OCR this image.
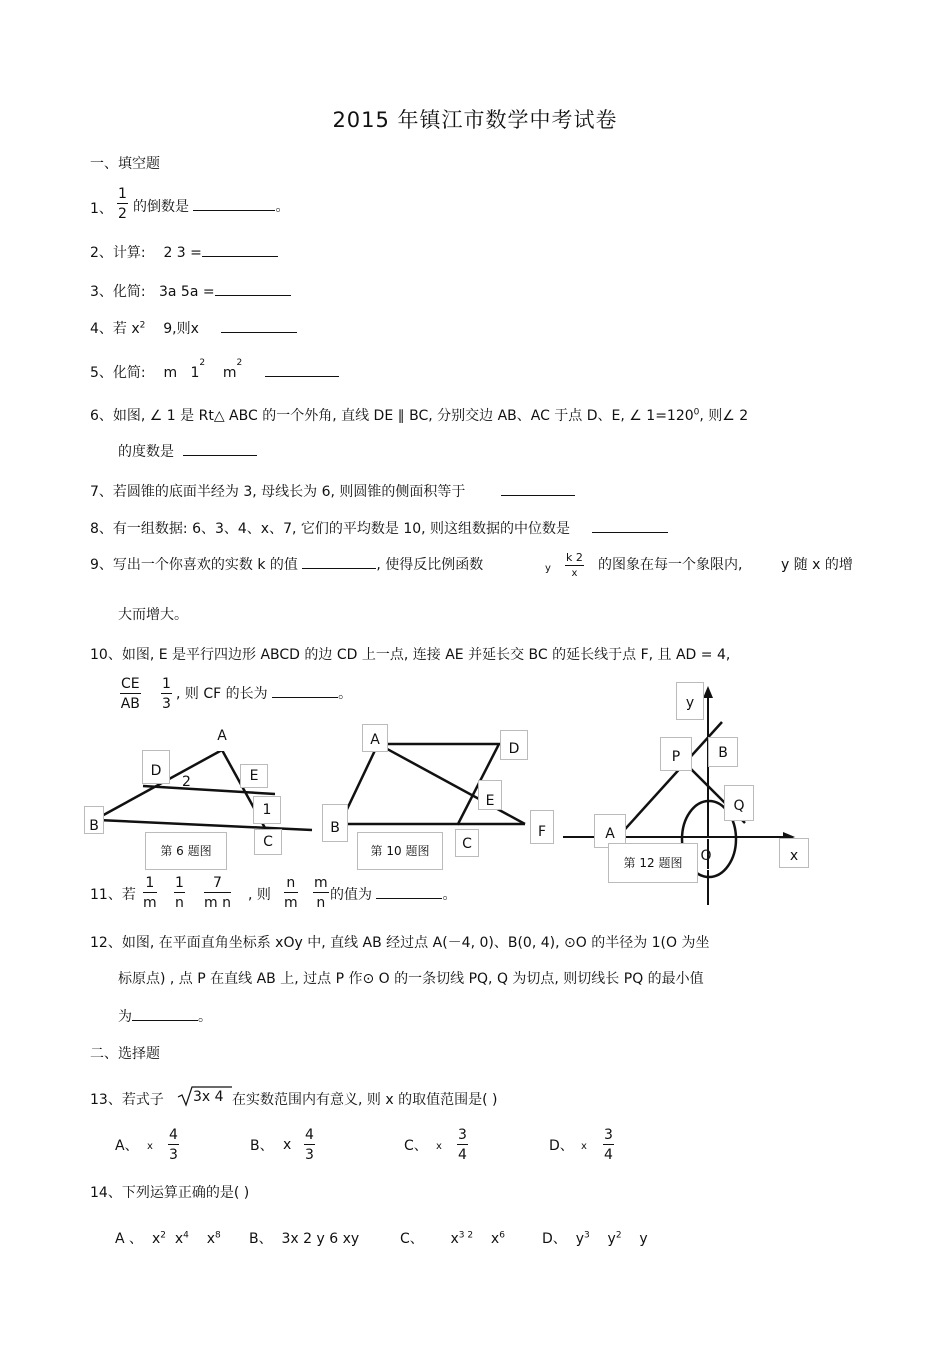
2015 年镇江市数学中考试卷
一、填空题
1、 $\frac{1}{2}$ 的倒数是	。
2、计算: 2 3 =
3、化简: 3a 5a =
4、若 $x^2$ 9,则x
5、化简: m $1^2$    $m^2$
6、如图, ∠ 1 是 Rt△ ABC 的一个外角, 直线 DE ∥ BC, 分别交边 AB、AC 于点 D、E, ∠ $1=120^0$, 则∠ 2
的度数是
7、若圆锥的底面半经为 3, 母线长为 6, 则圆锥的侧面积等于
8、有一组数据: 6、3、4、x、7, 它们的平均数是 10, 则这组数据的中位数是
9、写出一个你喜欢的实数 k 的值	, 使得反比例函数	y $\frac{k 2}{x}$ 的图象在每一个象限内,	y 随 x 的增
大而增大。
10、如图, E 是平行四边形 ABCD 的边 CD 上一点, 连接 AE 并延长交 BC 的延长线于点 F, 且 AD = 4,
$\frac{CE}{AB} \frac{1}{3}$ , 则 CF 的长为	。
A
D
2	E
1
B
C
第 6 题图
A
D
E
B
C
F
第 10 题图
y
P	B
Q
A
O	x
第 12 题图
11、若 $\frac{1}{m} \frac{1}{n} \frac{7}{\text{m n}}$ , 则 $\frac{n}{m} \frac{m}{n}$ 的值为	。
12、如图, 在平面直角坐标系 xOy 中, 直线 AB 经过点 A(－4, 0)、B(0, 4), ⊙O 的半径为 1(O 为坐
标原点) , 点 P 在直线 AB 上, 过点 P 作⊙ O 的一条切线 PQ, Q 为切点, 则切线长 PQ 的最小值
为	。
二、选择题
13、若式子 3x 4 在实数范围内有意义, 则 x 的取值范围是( )
A、 x $\frac{4}{3}$	B、 x $\frac{4}{3}$	C、 x $\frac{3}{4}$	D、 x $\frac{3}{4}$
14、下列运算正确的是( )
A 、 $x^2$ $x^4$ $x^8$ B、 3x 2 y 6 xy	C、 $x^{3 2}$ $x^6$	D、 $y^3$ $y^2$ y
